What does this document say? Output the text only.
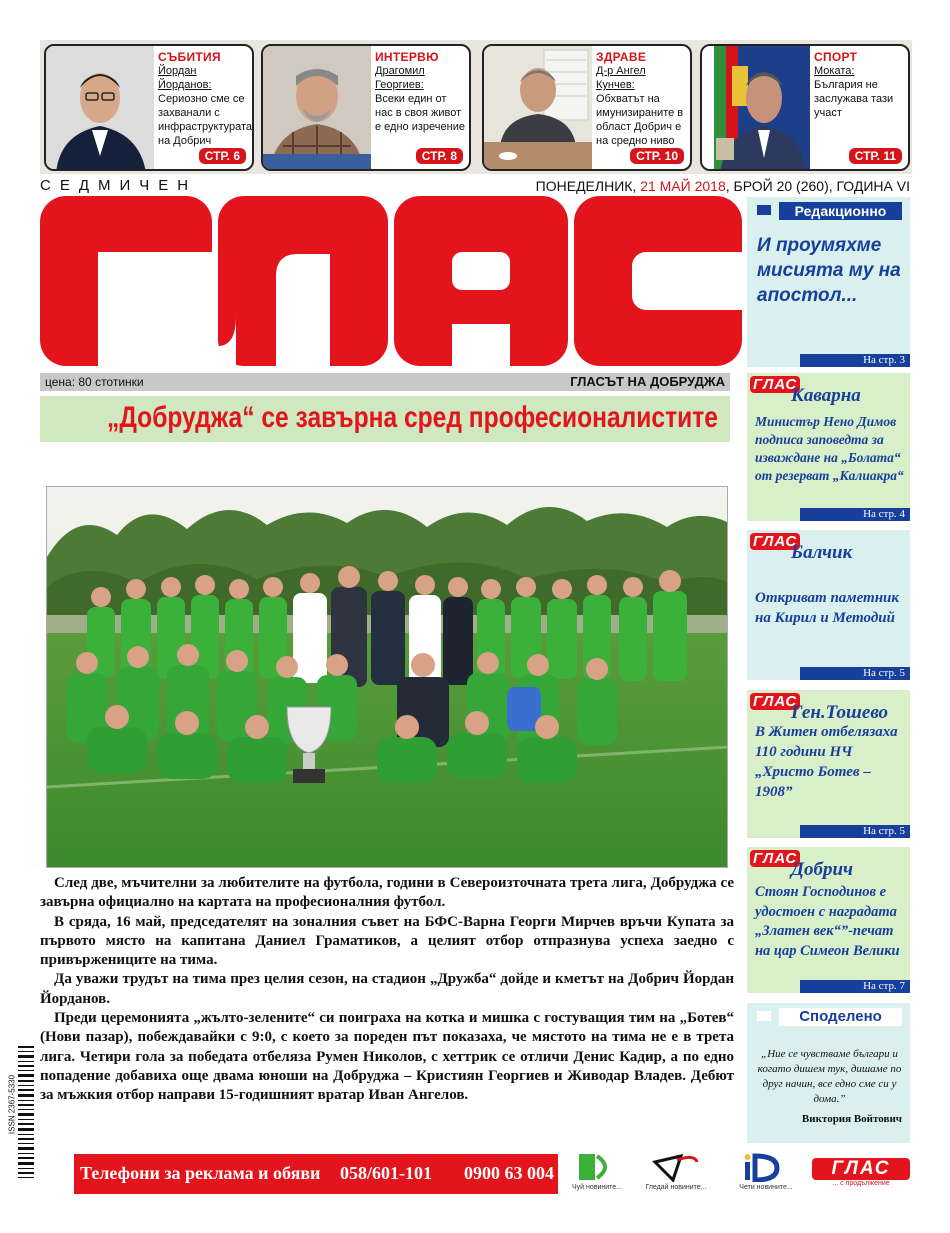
СЪБИТИЯ
Йордан Йорданов:
Сериозно сме се захванали с инфраструктурата на Добрич
СТР. 6
ИНТЕРВЮ
Драгомил Георгиев:
Всеки един от нас в своя живот е едно изречение
СТР. 8
ЗДРАВЕ
Д-р Ангел Кунчев:
Обхватът на имунизираните в област Добрич е на средно ниво
СТР. 10
СПОРТ
Моката:
България не заслужава тази участ
СТР. 11
СЕДМИЧЕН	ПОНЕДЕЛНИК, 21 МАЙ 2018, БРОЙ 20 (260), ГОДИНА VI
цена: 80 стотинки	ГЛАСЪТ НА ДОБРУДЖА
„Добруджа“ се завърна сред професионалистите

След две, мъчителни за любителите на футбола, години в Североизточната трета лига, Добруджа се завърна официално на картата на професионалния футбол.

В сряда, 16 май, председателят на зоналния съвет на БФС-Варна Георги Мирчев връчи Купата за първото място на капитана Даниел Граматиков, а целият отбор отпразнува успеха заедно с привържениците на тима.

Да уважи трудът на тима през целия сезон, на стадион „Дружба“ дойде и кметът на Добрич Йордан Йорданов.

Преди церемонията „жълто-зелените“ си поиграха на котка и мишка с гостуващия тим на „Ботев“ (Нови пазар), побеждавайки с 9:0, с което за пореден път показаха, че мястото на тима не е в трета лига. Четири гола за победата отбеляза Румен Николов, с хеттрик се отличи Денис Кадир, а по едно попадение добавиха още двама юноши на Добруджа – Кристиян Георгиев и Живодар Владев. Дебют за мъжкия отбор направи 15-годишният вратар Иван Ангелов.

ISSN 2367-5330
Телефони за реклама и обяви 058/601-101 0900 63 004
Чуй новините...	Гледай новините...	Чети новините...
ГЛАС
... с продължение
Редакционно
И проумяхме мисията му на апостол...
На стр. 3
ГЛАС
Каварна
Министър Нено Димов подписа заповедта за изваждане на „Болата“ от резерват „Калиакра“
На стр. 4
ГЛАС
Балчик
Откриват паметник на Кирил и Методий
На стр. 5
ГЛАС
Ген.Тошево
В Житен отбелязаха 110 години НЧ „Христо Ботев – 1908”
На стр. 5
ГЛАС
Добрич
Стоян Господинов е удостоен с наградата „Златен век“”-печат на цар Симеон Велики
На стр. 7
Споделено
„Ние се чувстваме българи и когато дишем тук, дишаме по друг начин, все едно сме си у дома.”
Виктория Войтович
